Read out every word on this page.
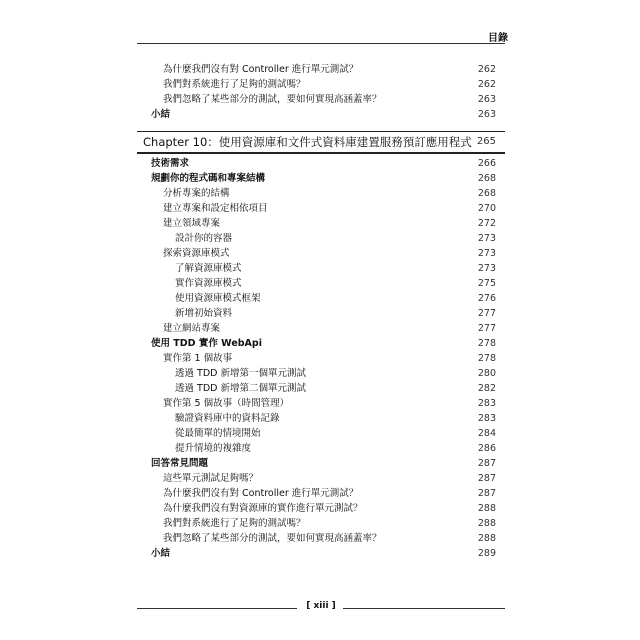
目錄
為什麼我們沒有對 Controller 進行單元測試？	262
我們對系統進行了足夠的測試嗎？	262
我們忽略了某些部分的測試，要如何實現高涵蓋率？	263
小結	263
Chapter 10：使用資源庫和文件式資料庫建置服務預訂應用程式 265
技術需求	266
規劃你的程式碼和專案結構	268
分析專案的結構	268
建立專案和設定相依項目	270
建立領域專案	272
設計你的容器	273
探索資源庫模式	273
了解資源庫模式	273
實作資源庫模式	275
使用資源庫模式框架	276
新增初始資料	277
建立網站專案	277
使用 TDD 實作 WebApi	278
實作第 1 個故事	278
透過 TDD 新增第一個單元測試	280
透過 TDD 新增第二個單元測試	282
實作第 5 個故事（時間管理）	283
驗證資料庫中的資料記錄	283
從最簡單的情境開始	284
提升情境的複雜度	286
回答常見問題	287
這些單元測試足夠嗎？	287
為什麼我們沒有對 Controller 進行單元測試？	287
為什麼我們沒有對資源庫的實作進行單元測試？	288
我們對系統進行了足夠的測試嗎？	288
我們忽略了某些部分的測試，要如何實現高涵蓋率？	288
小結	289
[ xiii ]
